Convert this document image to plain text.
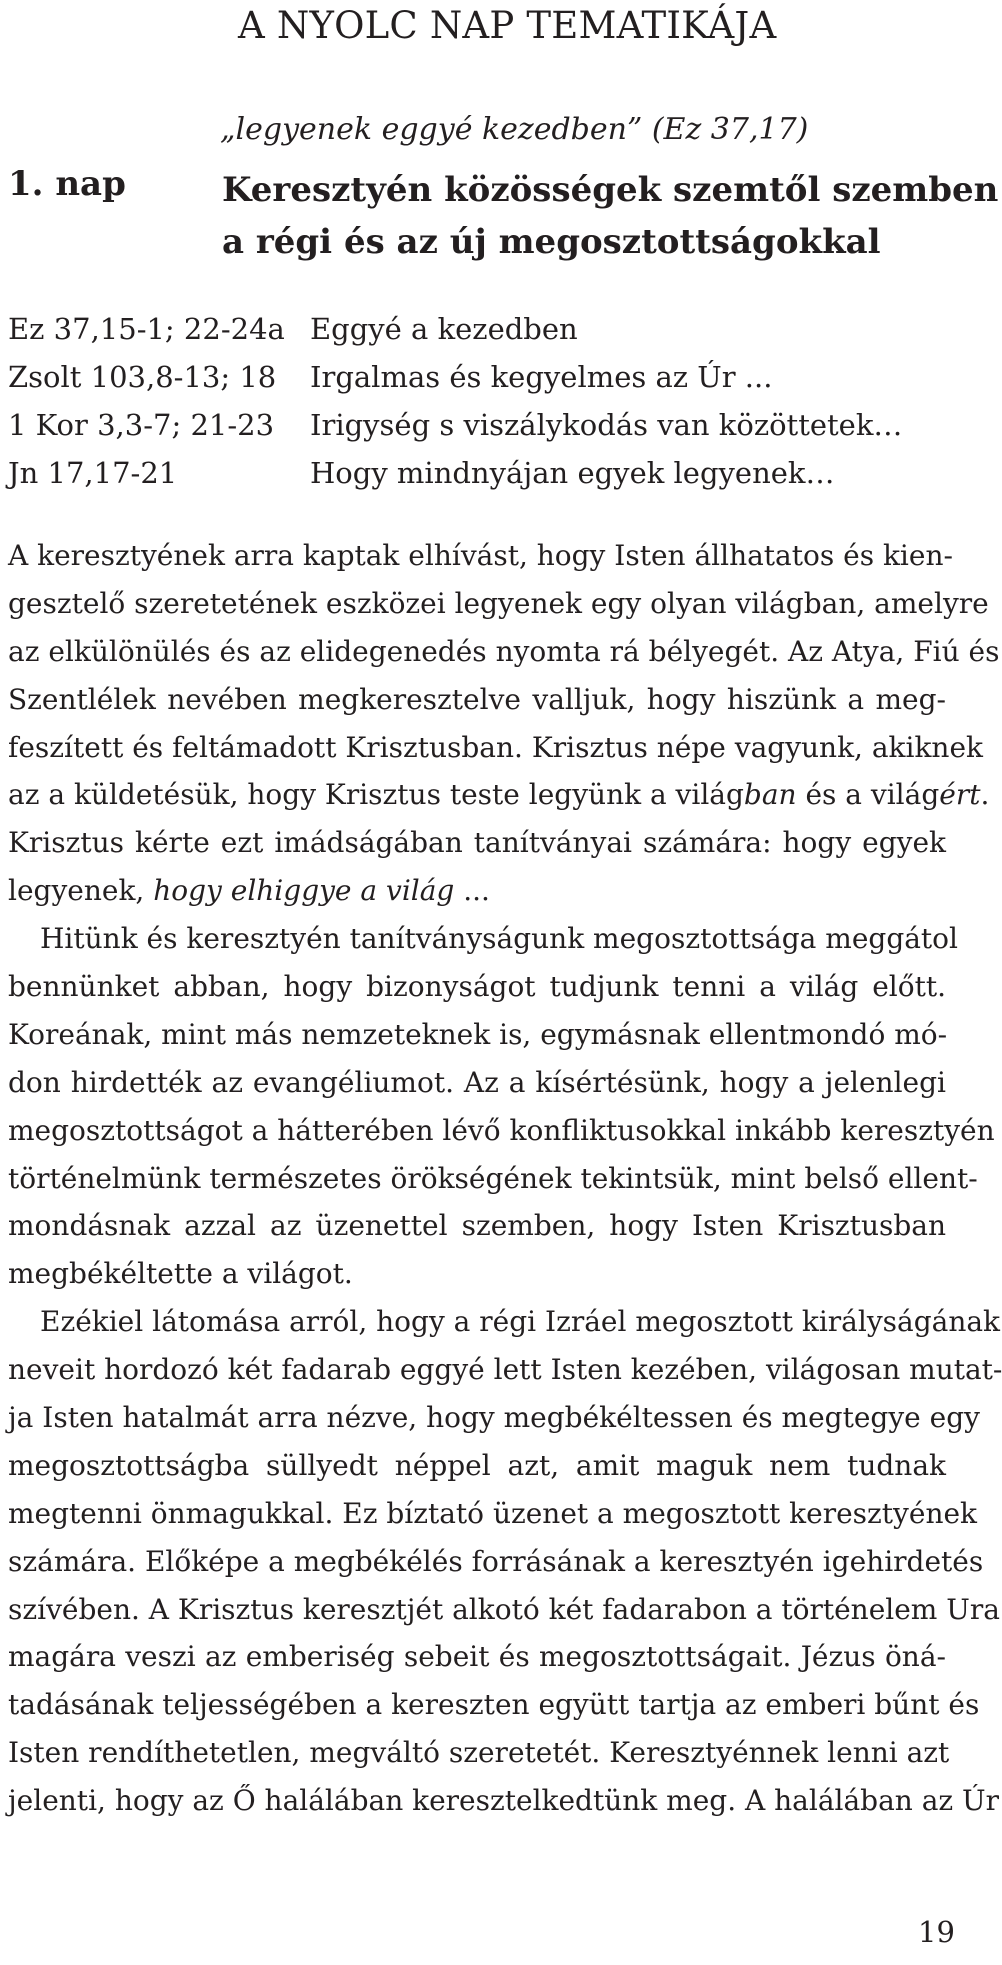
A NYOLC NAP TEMATIKÁJA
„legyenek eggyé kezedben” (Ez 37,17)
1. nap	Keresztyén közösségek szemtől szemben
a régi és az új megosztottságokkal
Ez 37,15-1; 22-24a Eggyé a kezedben
Zsolt 103,8-13; 18 Irgalmas és kegyelmes az Úr ...
1 Kor 3,3-7; 21-23 Irigység s viszálykodás van közöttetek…
Jn 17,17-21	Hogy mindnyájan egyek legyenek…
A keresztyének arra kaptak elhívást, hogy Isten állhatatos és kien-
gesztelő szeretetének eszközei legyenek egy olyan világban, amelyre
az elkülönülés és az elidegenedés nyomta rá bélyegét. Az Atya, Fiú és
Szentlélek nevében megkeresztelve valljuk, hogy hiszünk a meg-
feszített és feltámadott Krisztusban. Krisztus népe vagyunk, akiknek
az a küldetésük, hogy Krisztus teste legyünk a világban és a világért.
Krisztus kérte ezt imádságában tanítványai számára: hogy egyek
legyenek, hogy elhiggye a világ ...
Hitünk és keresztyén tanítványságunk megosztottsága meggátol
bennünket abban, hogy bizonyságot tudjunk tenni a világ előtt.
Koreának, mint más nemzeteknek is, egymásnak ellentmondó mó-
don hirdették az evangéliumot. Az a kísértésünk, hogy a jelenlegi
megosztottságot a hátterében lévő konfliktusokkal inkább keresztyén
történelmünk természetes örökségének tekintsük, mint belső ellent-
mondásnak azzal az üzenettel szemben, hogy Isten Krisztusban
megbékéltette a világot.
Ezékiel látomása arról, hogy a régi Izráel megosztott királyságának
neveit hordozó két fadarab eggyé lett Isten kezében, világosan mutat-
ja Isten hatalmát arra nézve, hogy megbékéltessen és megtegye egy
megosztottságba süllyedt néppel azt, amit maguk nem tudnak
megtenni önmagukkal. Ez bíztató üzenet a megosztott keresztyének
számára. Előképe a megbékélés forrásának a keresztyén igehirdetés
szívében. A Krisztus keresztjét alkotó két fadarabon a történelem Ura
magára veszi az emberiség sebeit és megosztottságait. Jézus öná-
tadásának teljességében a kereszten együtt tartja az emberi bűnt és
Isten rendíthetetlen, megváltó szeretetét. Keresztyénnek lenni azt
jelenti, hogy az Ő halálában keresztelkedtünk meg. A halálában az Úr
19
